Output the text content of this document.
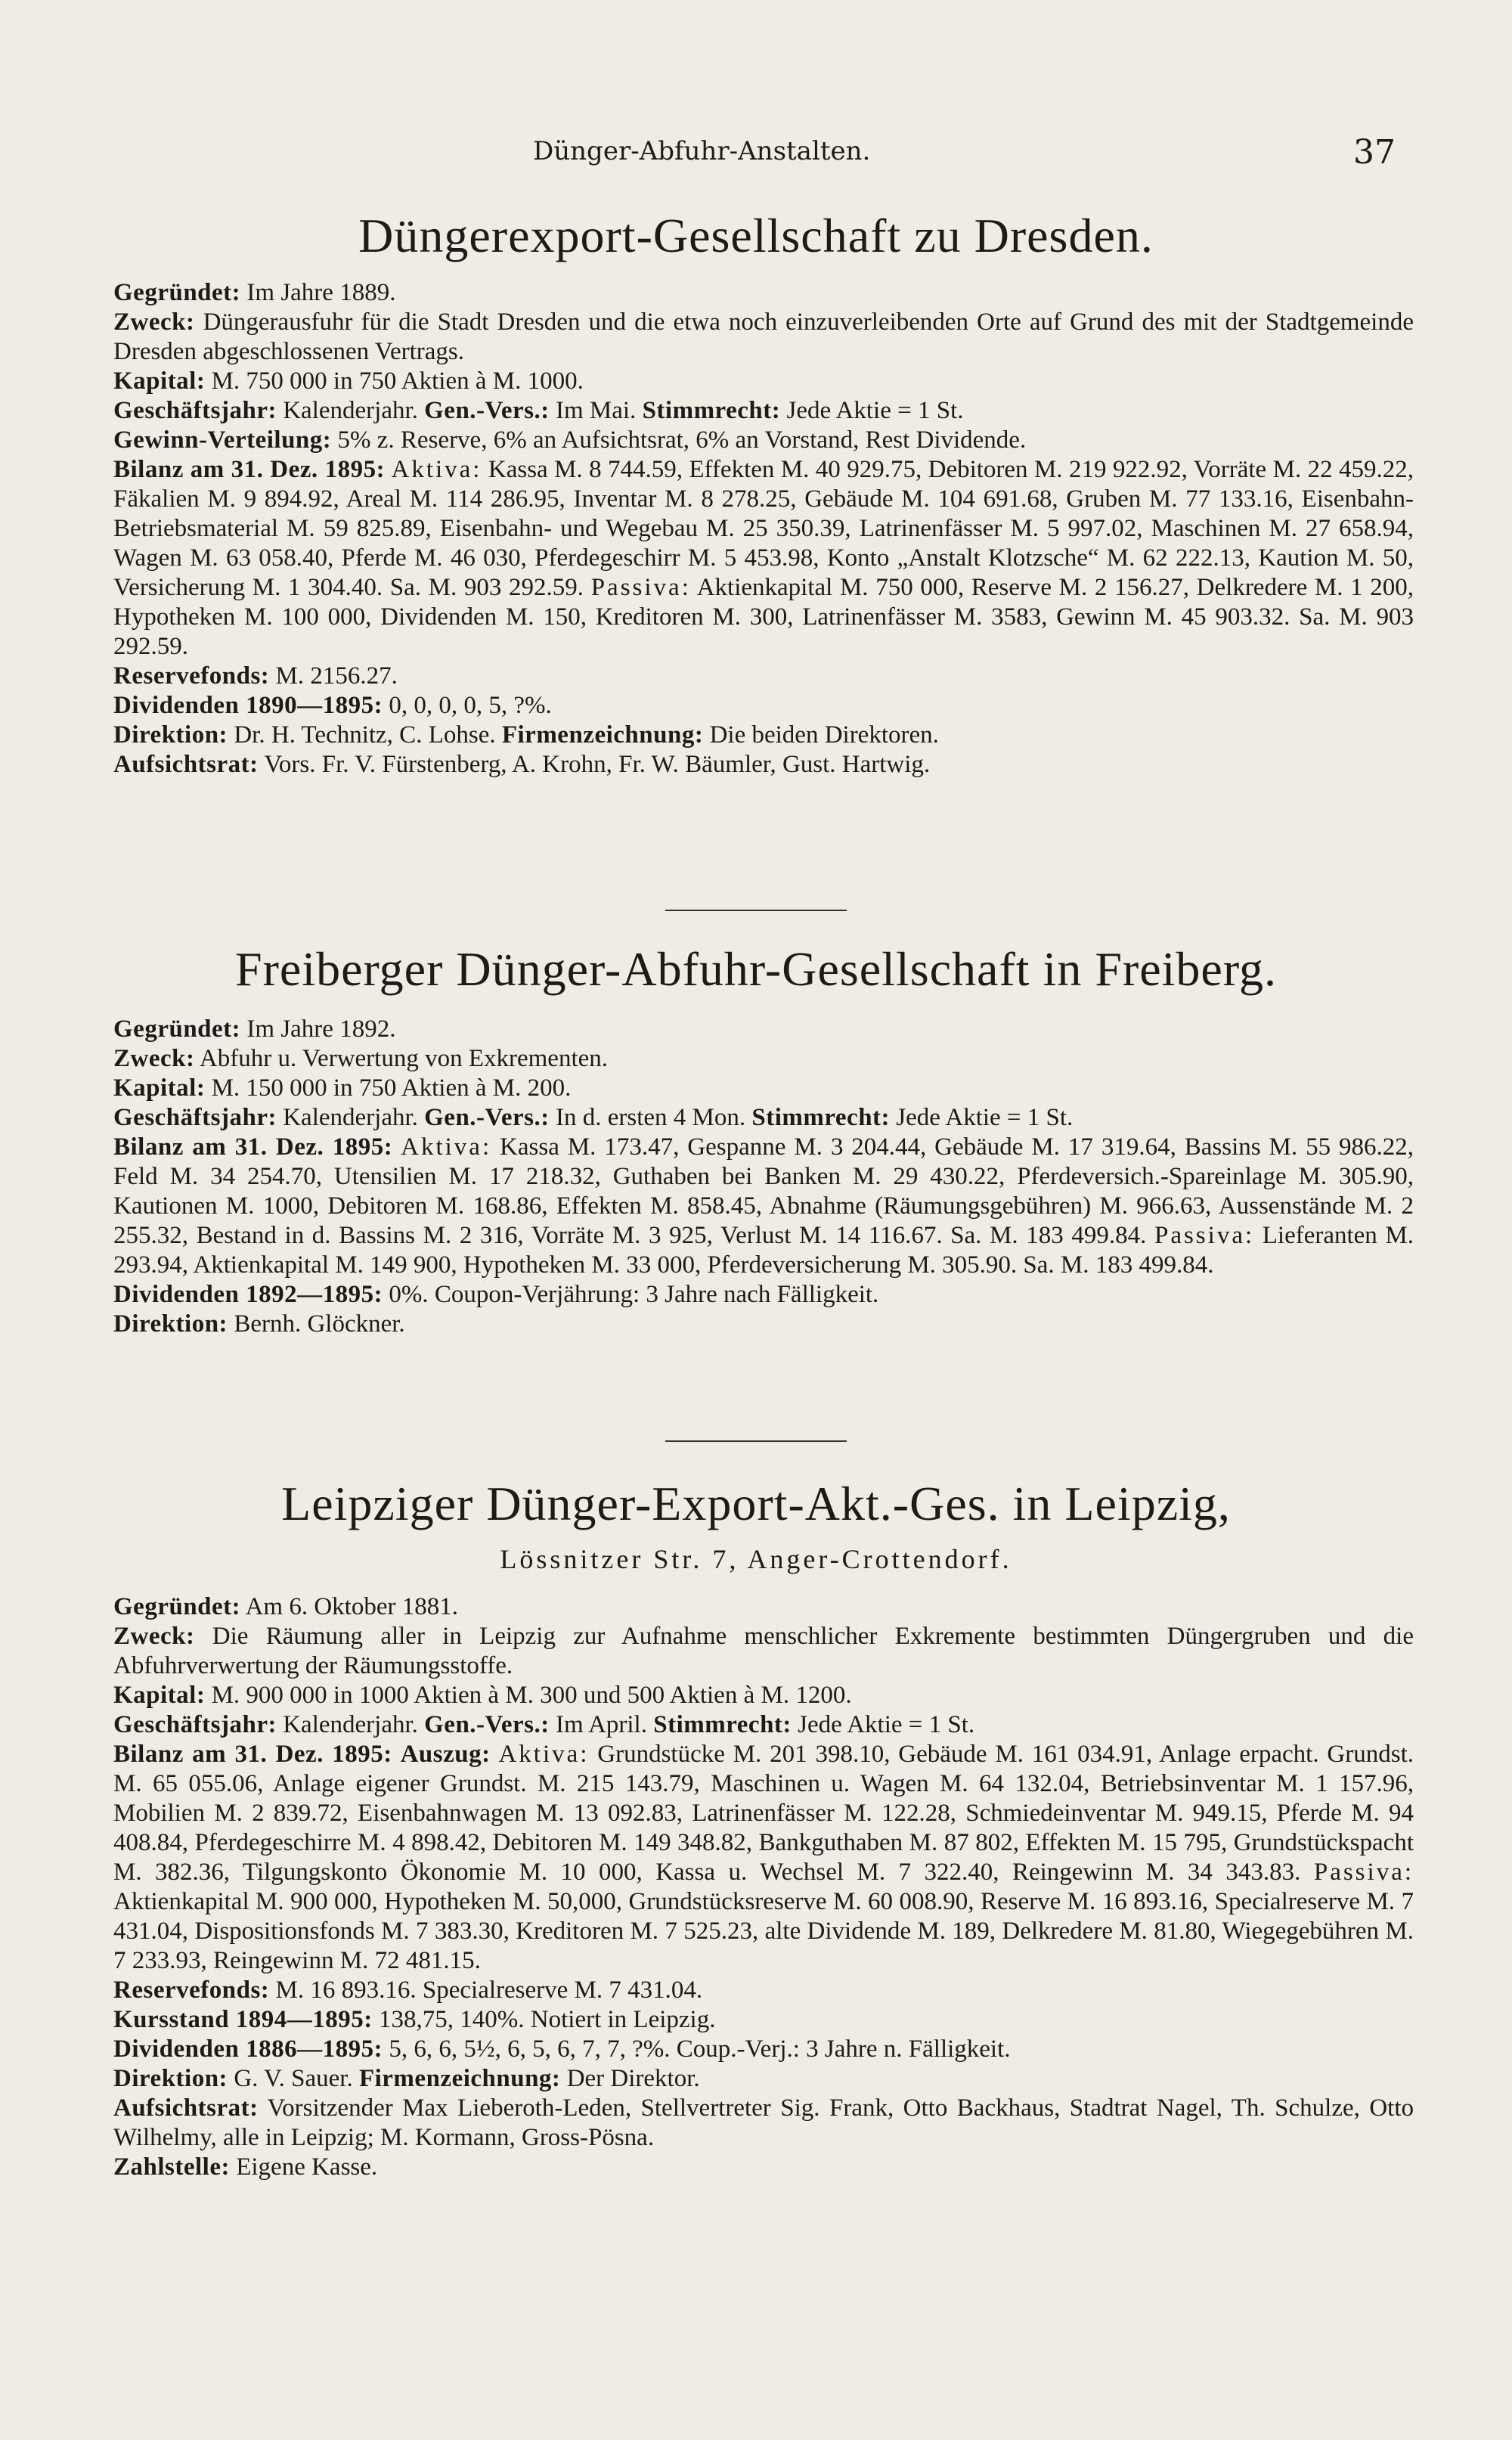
Dünger-Abfuhr-Anstalten.	37
Düngerexport-Gesellschaft zu Dresden.

Gegründet: Im Jahre 1889.

Zweck: Düngerausfuhr für die Stadt Dresden und die etwa noch einzuverleibenden Orte auf Grund des mit der Stadtgemeinde Dresden abgeschlossenen Vertrags.

Kapital: M. 750 000 in 750 Aktien à M. 1000.

Geschäftsjahr: Kalenderjahr. Gen.-Vers.: Im Mai. Stimmrecht: Jede Aktie = 1 St.

Gewinn-Verteilung: 5% z. Reserve, 6% an Aufsichtsrat, 6% an Vorstand, Rest Dividende.

Bilanz am 31. Dez. 1895: Aktiva: Kassa M. 8 744.59, Effekten M. 40 929.75, Debitoren M. 219 922.92, Vorräte M. 22 459.22, Fäkalien M. 9 894.92, Areal M. 114 286.95, Inventar M. 8 278.25, Gebäude M. 104 691.68, Gruben M. 77 133.16, Eisenbahn-Betriebsmaterial M. 59 825.89, Eisenbahn- und Wegebau M. 25 350.39, Latrinenfässer M. 5 997.02, Maschinen M. 27 658.94, Wagen M. 63 058.40, Pferde M. 46 030, Pferdegeschirr M. 5 453.98, Konto „Anstalt Klotzsche“ M. 62 222.13, Kaution M. 50, Versicherung M. 1 304.40. Sa. M. 903 292.59. Passiva: Aktienkapital M. 750 000, Reserve M. 2 156.27, Delkredere M. 1 200, Hypotheken M. 100 000, Dividenden M. 150, Kreditoren M. 300, Latrinenfässer M. 3583, Gewinn M. 45 903.32. Sa. M. 903 292.59.

Reservefonds: M. 2156.27.

Dividenden 1890—1895: 0, 0, 0, 0, 5, ?%.

Direktion: Dr. H. Technitz, C. Lohse. Firmenzeichnung: Die beiden Direktoren.

Aufsichtsrat: Vors. Fr. V. Fürstenberg, A. Krohn, Fr. W. Bäumler, Gust. Hartwig.

Freiberger Dünger-Abfuhr-Gesellschaft in Freiberg.

Gegründet: Im Jahre 1892.

Zweck: Abfuhr u. Verwertung von Exkrementen.

Kapital: M. 150 000 in 750 Aktien à M. 200.

Geschäftsjahr: Kalenderjahr. Gen.-Vers.: In d. ersten 4 Mon. Stimmrecht: Jede Aktie = 1 St.

Bilanz am 31. Dez. 1895: Aktiva: Kassa M. 173.47, Gespanne M. 3 204.44, Gebäude M. 17 319.64, Bassins M. 55 986.22, Feld M. 34 254.70, Utensilien M. 17 218.32, Guthaben bei Banken M. 29 430.22, Pferdeversich.-Spareinlage M. 305.90, Kautionen M. 1000, Debitoren M. 168.86, Effekten M. 858.45, Abnahme (Räumungsgebühren) M. 966.63, Aussenstände M. 2 255.32, Bestand in d. Bassins M. 2 316, Vorräte M. 3 925, Verlust M. 14 116.67. Sa. M. 183 499.84. Passiva: Lieferanten M. 293.94, Aktienkapital M. 149 900, Hypotheken M. 33 000, Pferdeversicherung M. 305.90. Sa. M. 183 499.84.

Dividenden 1892—1895: 0%. Coupon-Verjährung: 3 Jahre nach Fälligkeit.

Direktion: Bernh. Glöckner.

Leipziger Dünger-Export-Akt.-Ges. in Leipzig,
Lössnitzer Str. 7, Anger-Crottendorf.

Gegründet: Am 6. Oktober 1881.

Zweck: Die Räumung aller in Leipzig zur Aufnahme menschlicher Exkremente bestimmten Düngergruben und die Abfuhrverwertung der Räumungsstoffe.

Kapital: M. 900 000 in 1000 Aktien à M. 300 und 500 Aktien à M. 1200.

Geschäftsjahr: Kalenderjahr. Gen.-Vers.: Im April. Stimmrecht: Jede Aktie = 1 St.

Bilanz am 31. Dez. 1895: Auszug: Aktiva: Grundstücke M. 201 398.10, Gebäude M. 161 034.91, Anlage erpacht. Grundst. M. 65 055.06, Anlage eigener Grundst. M. 215 143.79, Maschinen u. Wagen M. 64 132.04, Betriebsinventar M. 1 157.96, Mobilien M. 2 839.72, Eisenbahnwagen M. 13 092.83, Latrinenfässer M. 122.28, Schmiedeinventar M. 949.15, Pferde M. 94 408.84, Pferdegeschirre M. 4 898.42, Debitoren M. 149 348.82, Bankguthaben M. 87 802, Effekten M. 15 795, Grundstückspacht M. 382.36, Tilgungskonto Ökonomie M. 10 000, Kassa u. Wechsel M. 7 322.40, Reingewinn M. 34 343.83. Passiva: Aktienkapital M. 900 000, Hypotheken M. 50,000, Grundstücksreserve M. 60 008.90, Reserve M. 16 893.16, Specialreserve M. 7 431.04, Dispositionsfonds M. 7 383.30, Kreditoren M. 7 525.23, alte Dividende M. 189, Delkredere M. 81.80, Wiegegebühren M. 7 233.93, Reingewinn M. 72 481.15.

Reservefonds: M. 16 893.16. Specialreserve M. 7 431.04.

Kursstand 1894—1895: 138,75, 140%. Notiert in Leipzig.

Dividenden 1886—1895: 5, 6, 6, 5½, 6, 5, 6, 7, 7, ?%. Coup.-Verj.: 3 Jahre n. Fälligkeit.

Direktion: G. V. Sauer. Firmenzeichnung: Der Direktor.

Aufsichtsrat: Vorsitzender Max Lieberoth-Leden, Stellvertreter Sig. Frank, Otto Backhaus, Stadtrat Nagel, Th. Schulze, Otto Wilhelmy, alle in Leipzig; M. Kormann, Gross-Pösna.

Zahlstelle: Eigene Kasse.
